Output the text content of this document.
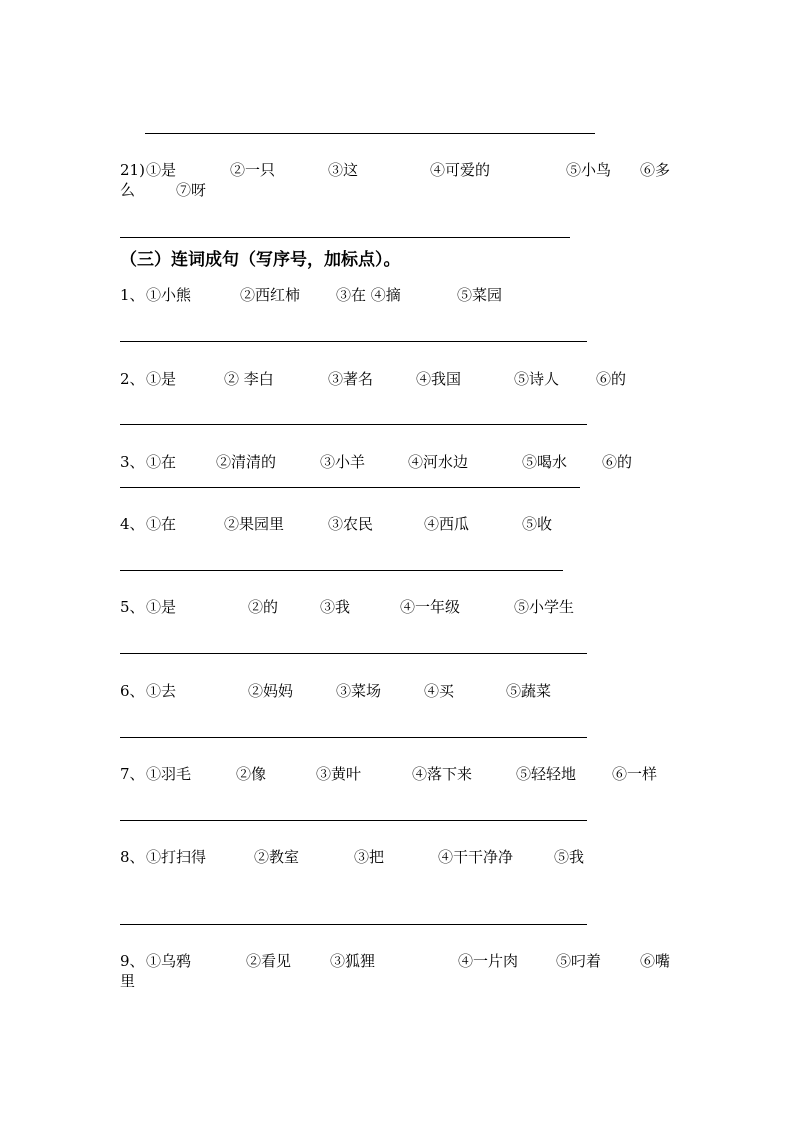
21) ①是	②一只	③这	④可爱的	⑤小鸟 ⑥多
么	⑦呀
（三）连词成句（写序号，加标点）。
1、 ①小熊	②西红柿 ③在 ④摘	⑤菜园
2、 ①是	② 李白	③著名	④我国	⑤诗人 ⑥的
3、 ①在	②清清的	③小羊	④河水边	⑤喝水 ⑥的
4、 ①在	②果园里	③农民	④西瓜	⑤收
5、 ①是	②的	③我	④一年级	⑤小学生
6、 ①去	②妈妈	③菜场	④买	⑤蔬菜
7、 ①羽毛	②像	③黄叶	④落下来	⑤轻轻地 ⑥一样
8、 ①打扫得	②教室	③把	④干干净净	⑤我
9、 ①乌鸦	②看见	③狐狸	④一片肉	⑤叼着	⑥嘴
里
